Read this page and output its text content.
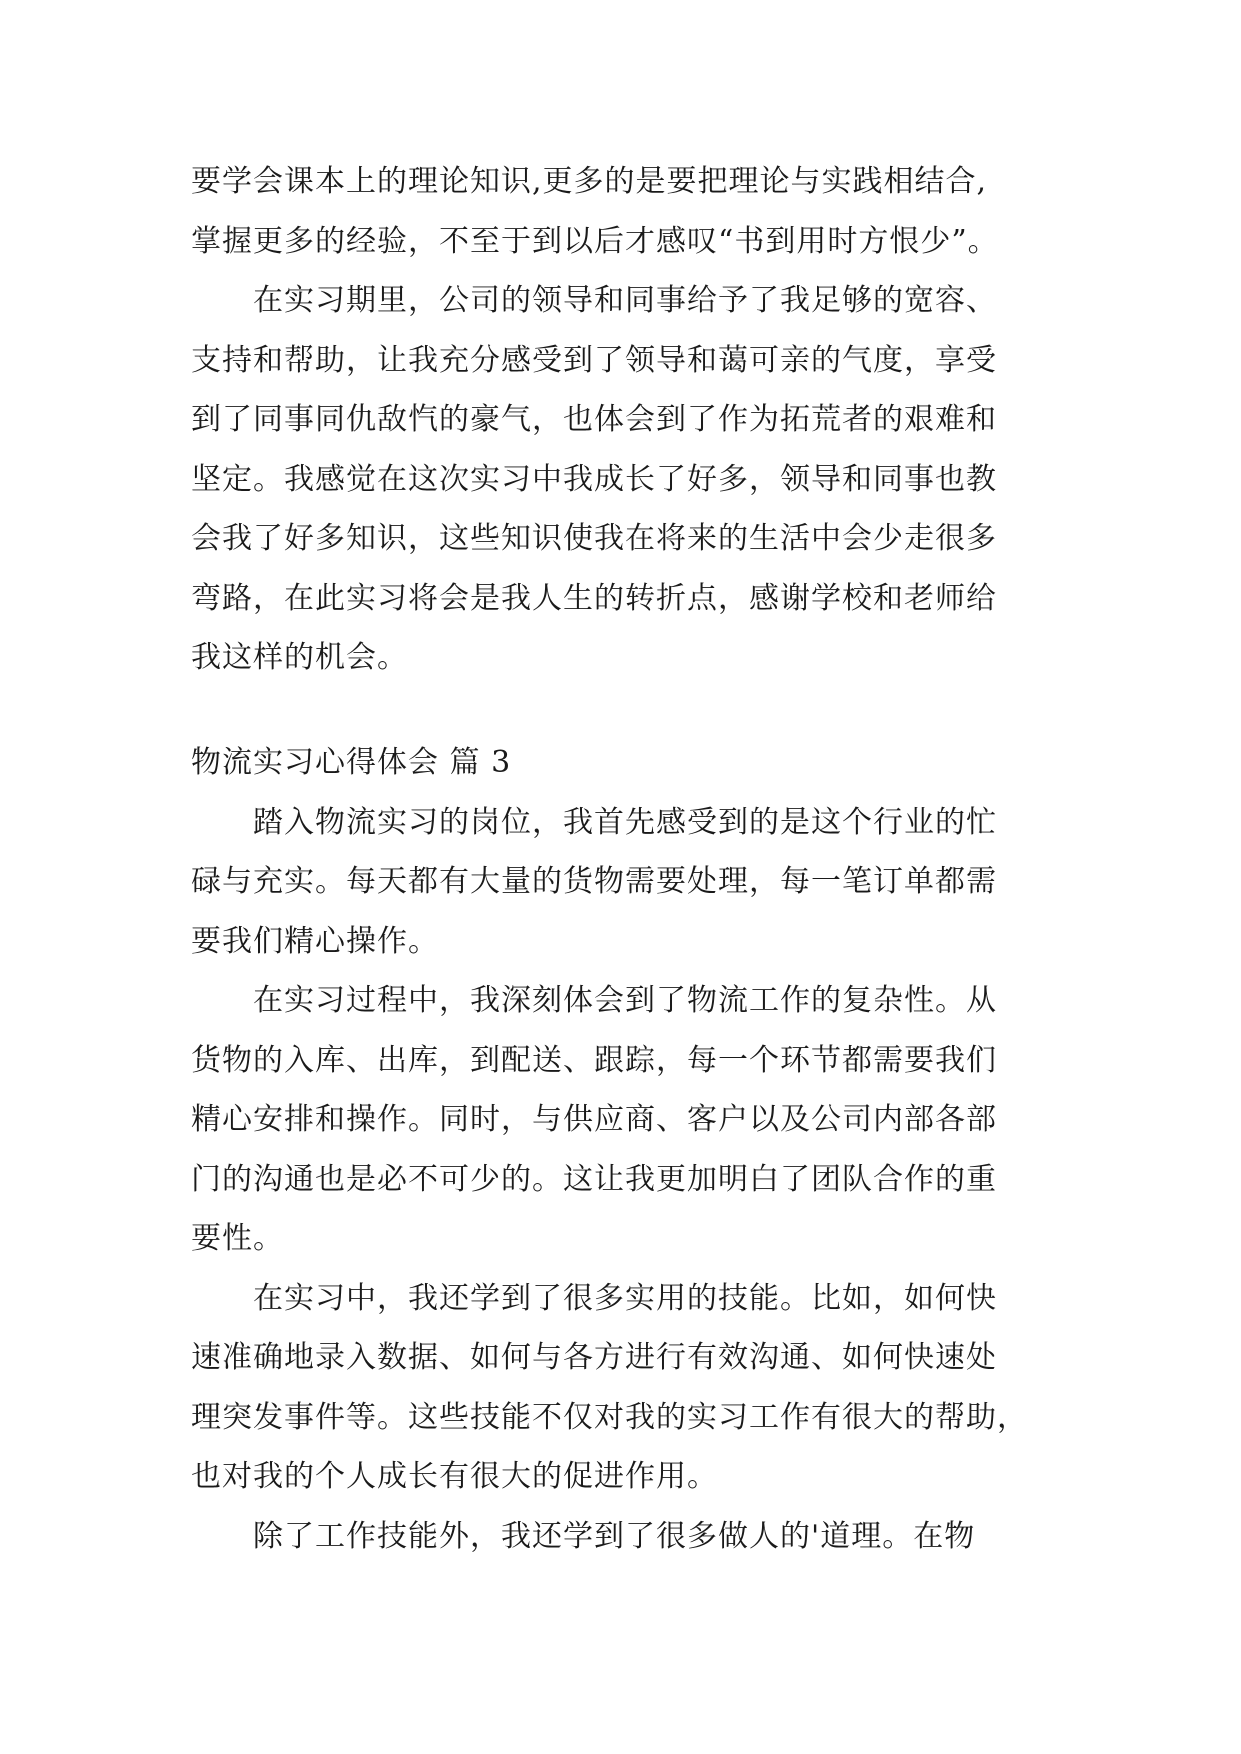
要学会课本上的理论知识,更多的是要把理论与实践相结合,
掌握更多的经验，不至于到以后才感叹“书到用时方恨少”。
在实习期里，公司的领导和同事给予了我足够的宽容、
支持和帮助，让我充分感受到了领导和蔼可亲的气度，享受
到了同事同仇敌忾的豪气，也体会到了作为拓荒者的艰难和
坚定。我感觉在这次实习中我成长了好多，领导和同事也教
会我了好多知识，这些知识使我在将来的生活中会少走很多
弯路，在此实习将会是我人生的转折点，感谢学校和老师给
我这样的机会。
物流实习心得体会 篇 3
踏入物流实习的岗位，我首先感受到的是这个行业的忙
碌与充实。每天都有大量的货物需要处理，每一笔订单都需
要我们精心操作。
在实习过程中，我深刻体会到了物流工作的复杂性。从
货物的入库、出库，到配送、跟踪，每一个环节都需要我们
精心安排和操作。同时，与供应商、客户以及公司内部各部
门的沟通也是必不可少的。这让我更加明白了团队合作的重
要性。
在实习中，我还学到了很多实用的技能。比如，如何快
速准确地录入数据、如何与各方进行有效沟通、如何快速处
理突发事件等。这些技能不仅对我的实习工作有很大的帮助，
也对我的个人成长有很大的促进作用。
除了工作技能外，我还学到了很多做人的'道理。在物
